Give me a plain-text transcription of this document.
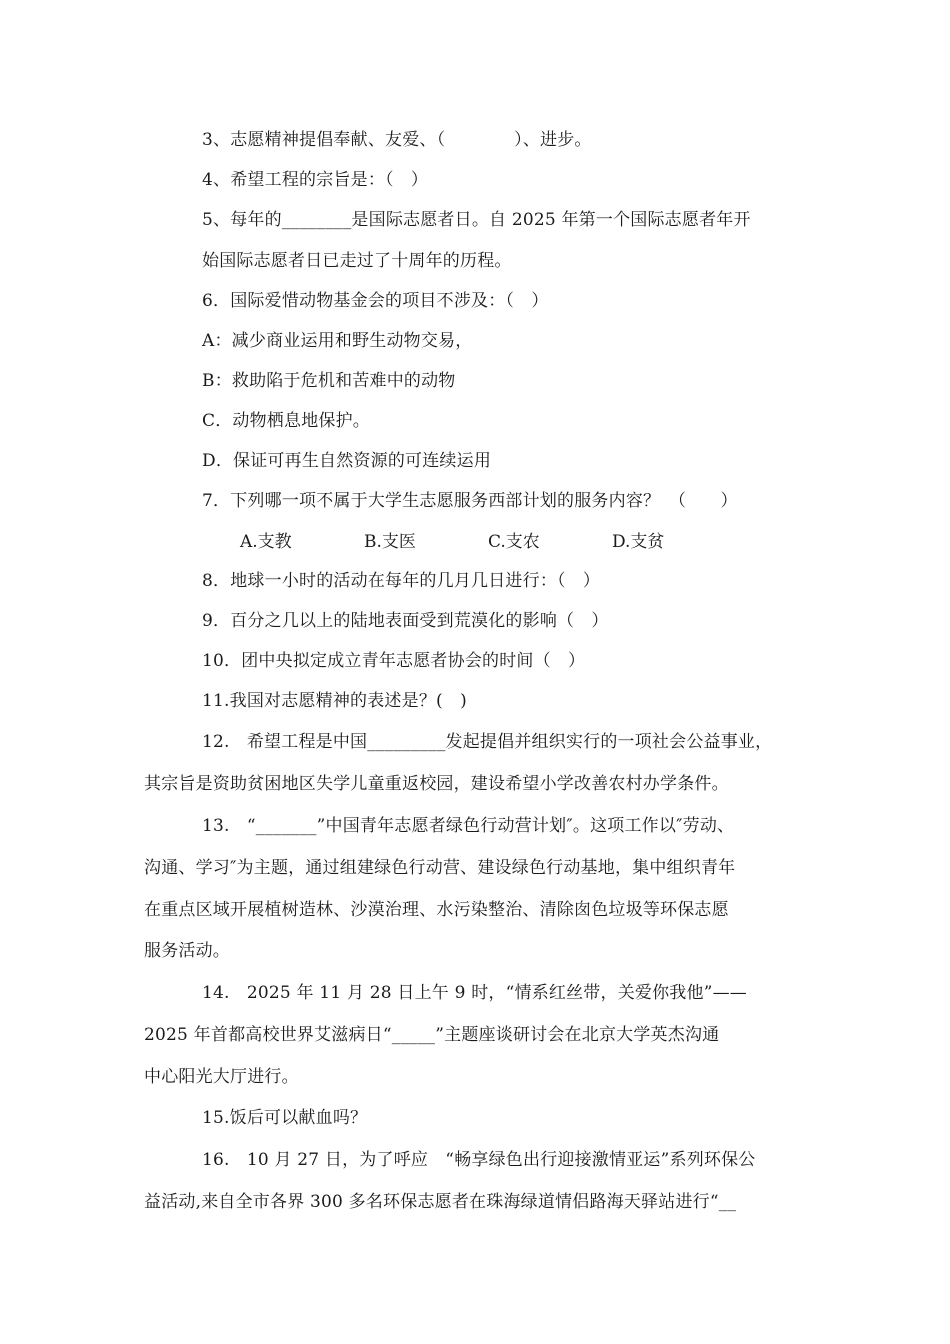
3、志愿精神提倡奉献、友爱、（　　　　）、进步。
4、希望工程的宗旨是：（　）
5、每年的________是国际志愿者日。自 2025 年第一个国际志愿者年开
始国际志愿者日已走过了十周年的历程。
6．国际爱惜动物基金会的项目不涉及：（　）
A：减少商业运用和野生动物交易，
B：救助陷于危机和苦难中的动物
C．动物栖息地保护。
D．保证可再生自然资源的可连续运用
7．下列哪一项不属于大学生志愿服务西部计划的服务内容？　（　　）
A.支教	B.支医	C.支农	D.支贫
8．地球一小时的活动在每年的几月几日进行：（　）
9．百分之几以上的陆地表面受到荒漠化的影响（　）
10．团中央拟定成立青年志愿者协会的时间（　）
11.我国对志愿精神的表述是？(　)
12.　希望工程是中国_________发起提倡并组织实行的一项社会公益事业，
其宗旨是资助贫困地区失学儿童重返校园，建设希望小学改善农村办学条件。
13.　“_______”中国青年志愿者绿色行动营计划″。这项工作以″劳动、
沟通、学习″为主题，通过组建绿色行动营、建设绿色行动基地，集中组织青年
在重点区域开展植树造林、沙漠治理、水污染整治、清除囱色垃圾等环保志愿
服务活动。
14.　2025 年 11 月 28 日上午 9 时，“情系红丝带，关爱你我他”——
2025 年首都高校世界艾滋病日“_____”主题座谈研讨会在北京大学英杰沟通
中心阳光大厅进行。
15.饭后可以献血吗？
16.　10 月 27 日，为了呼应　“畅享绿色出行迎接激情亚运”系列环保公
益活动,来自全市各界 300 多名环保志愿者在珠海绿道情侣路海天驿站进行“__
